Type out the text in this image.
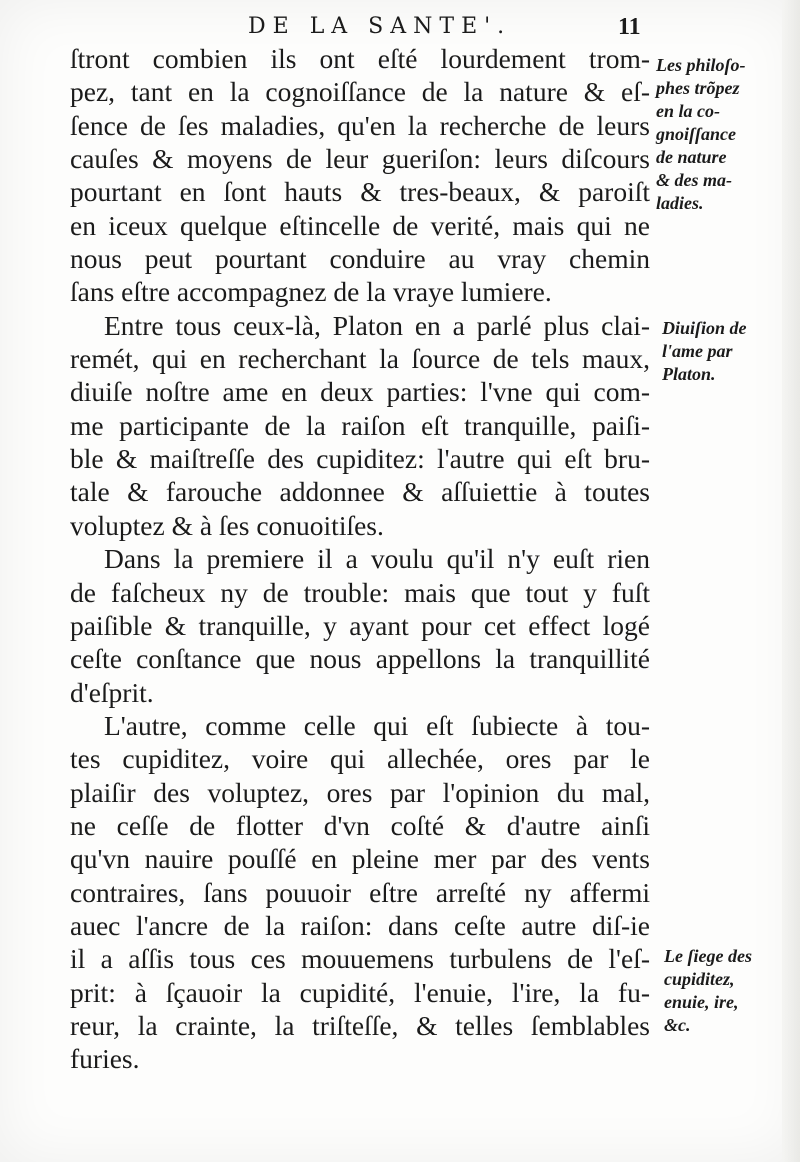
DE LA SANTE'.	11
ſtront combien ils ont eſté lourdement trom-
pez, tant en la cognoiſſance de la nature & eſ-
ſence de ſes maladies, qu'en la recherche de leurs
cauſes & moyens de leur gueriſon: leurs diſcours
pourtant en ſont hauts & tres-beaux, & paroiſt
en iceux quelque eſtincelle de verité, mais qui ne
nous peut pourtant conduire au vray chemin
ſans eſtre accompagnez de la vraye lumiere.
Entre tous ceux-là, Platon en a parlé plus clai-
remét, qui en recherchant la ſource de tels maux,
diuiſe noſtre ame en deux parties: l'vne qui com-
me participante de la raiſon eſt tranquille, paiſi-
ble & maiſtreſſe des cupiditez: l'autre qui eſt bru-
tale & farouche addonnee & aſſuiettie à toutes
voluptez & à ſes conuoitiſes.
Dans la premiere il a voulu qu'il n'y euſt rien
de faſcheux ny de trouble: mais que tout y fuſt
paiſible & tranquille, y ayant pour cet effect logé
ceſte conſtance que nous appellons la tranquillité
d'eſprit.
L'autre, comme celle qui eſt ſubiecte à tou-
tes cupiditez, voire qui allechée, ores par le
plaiſir des voluptez, ores par l'opinion du mal,
ne ceſſe de flotter d'vn coſté & d'autre ainſi
qu'vn nauire pouſſé en pleine mer par des vents
contraires, ſans pouuoir eſtre arreſté ny affermi
auec l'ancre de la raiſon: dans ceſte autre diſ-ie
il a aſſis tous ces mouuemens turbulens de l'eſ-
prit: à ſçauoir la cupidité, l'enuie, l'ire, la fu-
reur, la crainte, la triſteſſe, & telles ſemblables
furies.
Les philoſo-
phes trõpez
en la co-
gnoiſſance
de nature
& des ma-
ladies.
Diuiſion de
l'ame par
Platon.
Le ſiege des
cupiditez,
enuie, ire,
&c.
